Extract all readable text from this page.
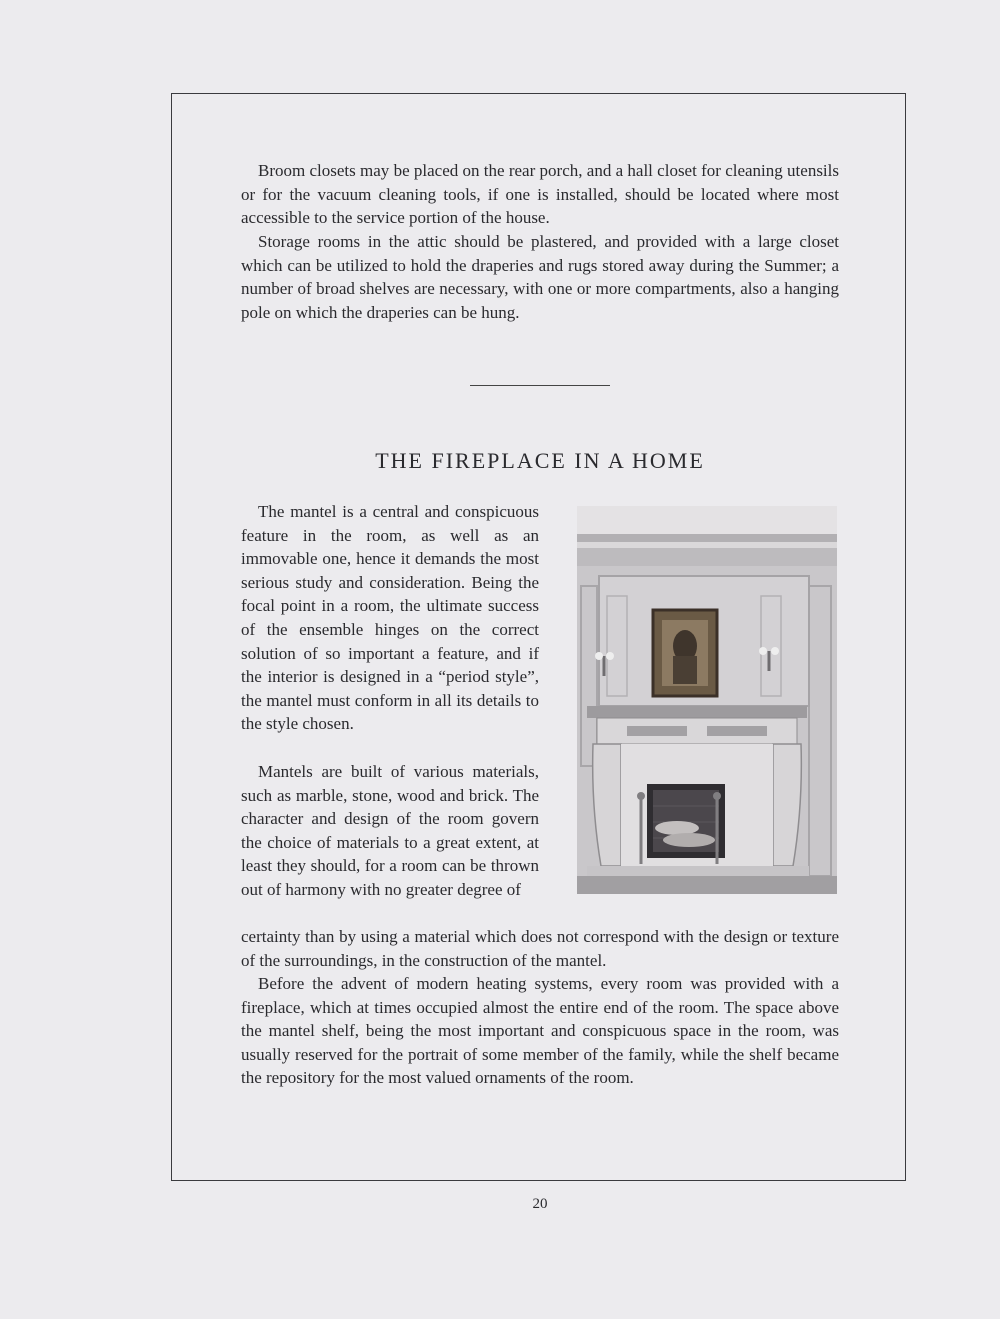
Broom closets may be placed on the rear porch, and a hall closet for cleaning utensils or for the vacuum cleaning tools, if one is installed, should be located where most accessible to the service portion of the house.

Storage rooms in the attic should be plastered, and provided with a large closet which can be utilized to hold the draperies and rugs stored away during the Summer; a number of broad shelves are necessary, with one or more compartments, also a hanging pole on which the draperies can be hung.

THE FIREPLACE IN A HOME

The mantel is a central and conspicuous feature in the room, as well as an immovable one, hence it demands the most serious study and consideration. Being the focal point in a room, the ultimate success of the ensemble hinges on the correct solution of so important a feature, and if the interior is designed in a “period style”, the mantel must conform in all its details to the style chosen.

Mantels are built of various materials, such as marble, stone, wood and brick. The character and design of the room govern the choice of materials to a great extent, at least they should, for a room can be thrown out of harmony with no greater degree of

certainty than by using a material which does not correspond with the design or texture of the surroundings, in the construction of the mantel.

Before the advent of modern heating systems, every room was provided with a fireplace, which at times occupied almost the entire end of the room. The space above the mantel shelf, being the most important and conspicuous space in the room, was usually reserved for the portrait of some member of the family, while the shelf became the repository for the most valued ornaments of the room.

20
